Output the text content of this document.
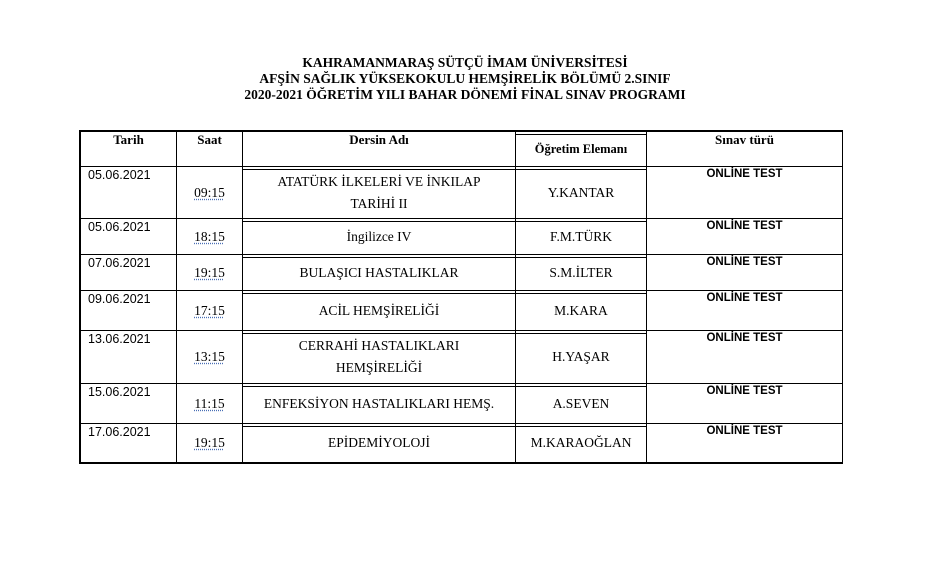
KAHRAMANMARAŞ SÜTÇÜ İMAM ÜNİVERSİTESİ
AFŞİN SAĞLIK YÜKSEKOKULU HEMŞİRELİK BÖLÜMÜ 2.SINIF
2020-2021 ÖĞRETİM YILI BAHAR DÖNEMİ FİNAL SINAV PROGRAMI
Tarih	Saat	Dersin Adı	Öğretim Elemanı	Sınav türü
05.06.2021	09:15	ATATÜRK İLKELERİ VE İNKILAP
TARİHİ II	Y.KANTAR	ONLİNE TEST
05.06.2021	18:15	İngilizce IV	F.M.TÜRK	ONLİNE TEST
07.06.2021	19:15	BULAŞICI HASTALIKLAR	S.M.İLTER	ONLİNE TEST
09.06.2021	17:15	ACİL HEMŞİRELİĞİ	M.KARA	ONLİNE TEST
13.06.2021	13:15	CERRAHİ HASTALIKLARI
HEMŞİRELİĞİ	H.YAŞAR	ONLİNE TEST
15.06.2021	11:15	ENFEKSİYON HASTALIKLARI HEMŞ.	A.SEVEN	ONLİNE TEST
17.06.2021	19:15	EPİDEMİYOLOJİ	M.KARAOĞLAN	ONLİNE TEST
